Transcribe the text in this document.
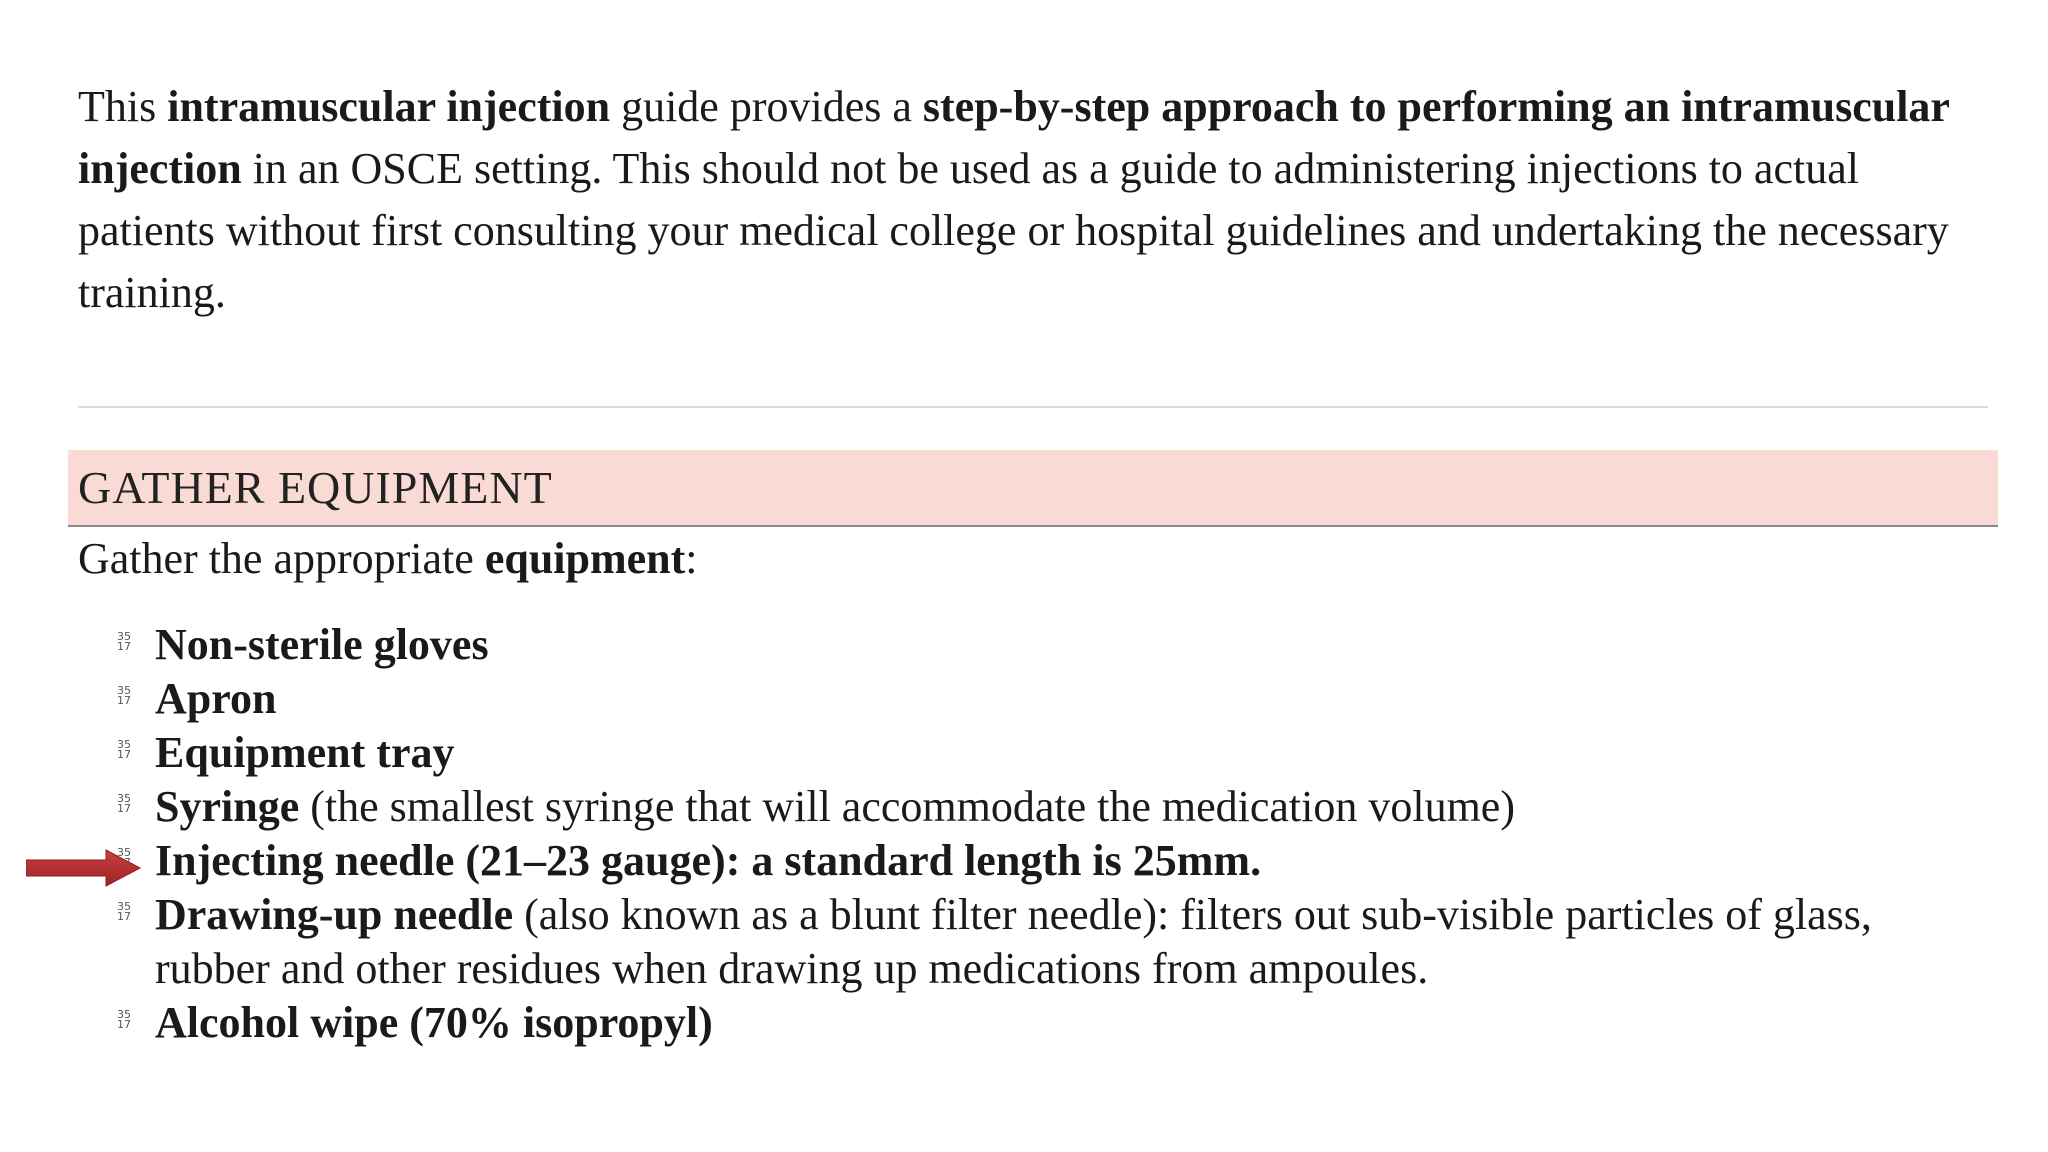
This intramuscular injection guide provides a step-by-step approach to performing an intramuscular injection in an OSCE setting. This should not be used as a guide to administering injections to actual patients without first consulting your medical college or hospital guidelines and undertaking the necessary training.

GATHER EQUIPMENT

Gather the appropriate equipment:

35
17 Non-sterile gloves
35
17 Apron
35
17 Equipment tray
35
17 Syringe (the smallest syringe that will accommodate the medication volume)
35 Injecting needle (21–23 gauge): a standard length is 25mm.
35
17 Drawing-up needle (also known as a blunt filter needle): filters out sub-visible particles of glass, rubber and other residues when drawing up medications from ampoules.
35
17 Alcohol wipe (70% isopropyl)
